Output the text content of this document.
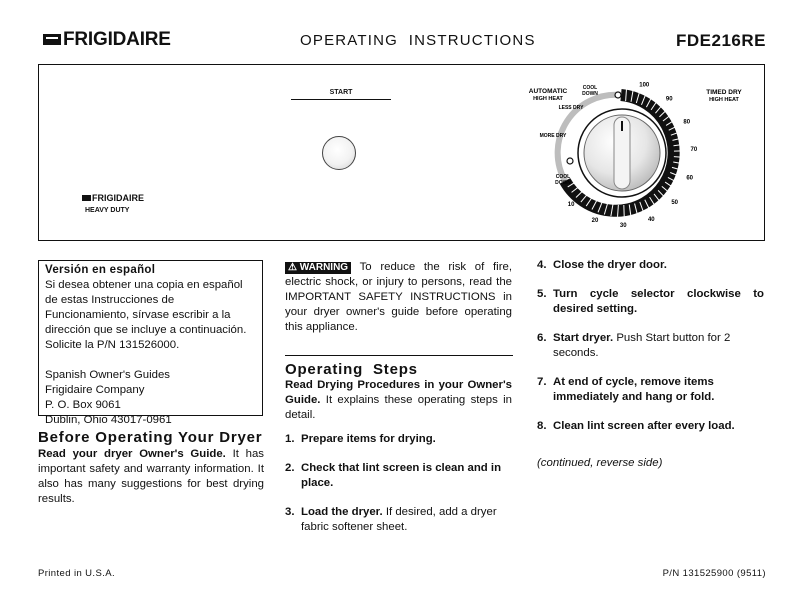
FRIGIDAIRE	OPERATING  INSTRUCTIONS	FDE216RE
START
FRIGIDAIRE
HEAVY DUTY
AUTOMATIC
HIGH HEAT
TIMED DRY
HIGH HEAT
COOL
DOWN
LESS DRY
MORE DRY
COOL
DOWN
100
90
80
70
60
50
40
30
20
10

Versión en español

Si desea obtener una copia en español de estas Instrucciones de Funcionamiento, sírvase escribir a la dirección que se incluye a continuación. Solicite la P/N 131526000.

Spanish Owner's Guides

Frigidaire Company

P. O. Box 9061

Dublin, Ohio 43017-0961

Before Operating Your Dryer

Read your dryer Owner's Guide. It has important safety and warranty information. It also has many suggestions for best drying results.

⚠ WARNING To reduce the risk of fire, electric shock, or injury to persons, read the IMPORTANT SAFETY INSTRUCTIONS in your dryer owner's guide before operating this appliance.

Operating  Steps

Read Drying Procedures in your Owner's Guide. It explains these operating steps in detail.

1. Prepare items for drying.
2. Check that lint screen is clean and in place.
3. Load the dryer. If desired, add a dryer fabric softener sheet.
4. Close the dryer door.
5. Turn cycle selector clockwise to desired setting.
6. Start dryer. Push Start button for 2 seconds.
7. At end of cycle, remove items immediately and hang or fold.
8. Clean lint screen after every load.

(continued, reverse side)

Printed in U.S.A.	P/N 131525900 (9511)
